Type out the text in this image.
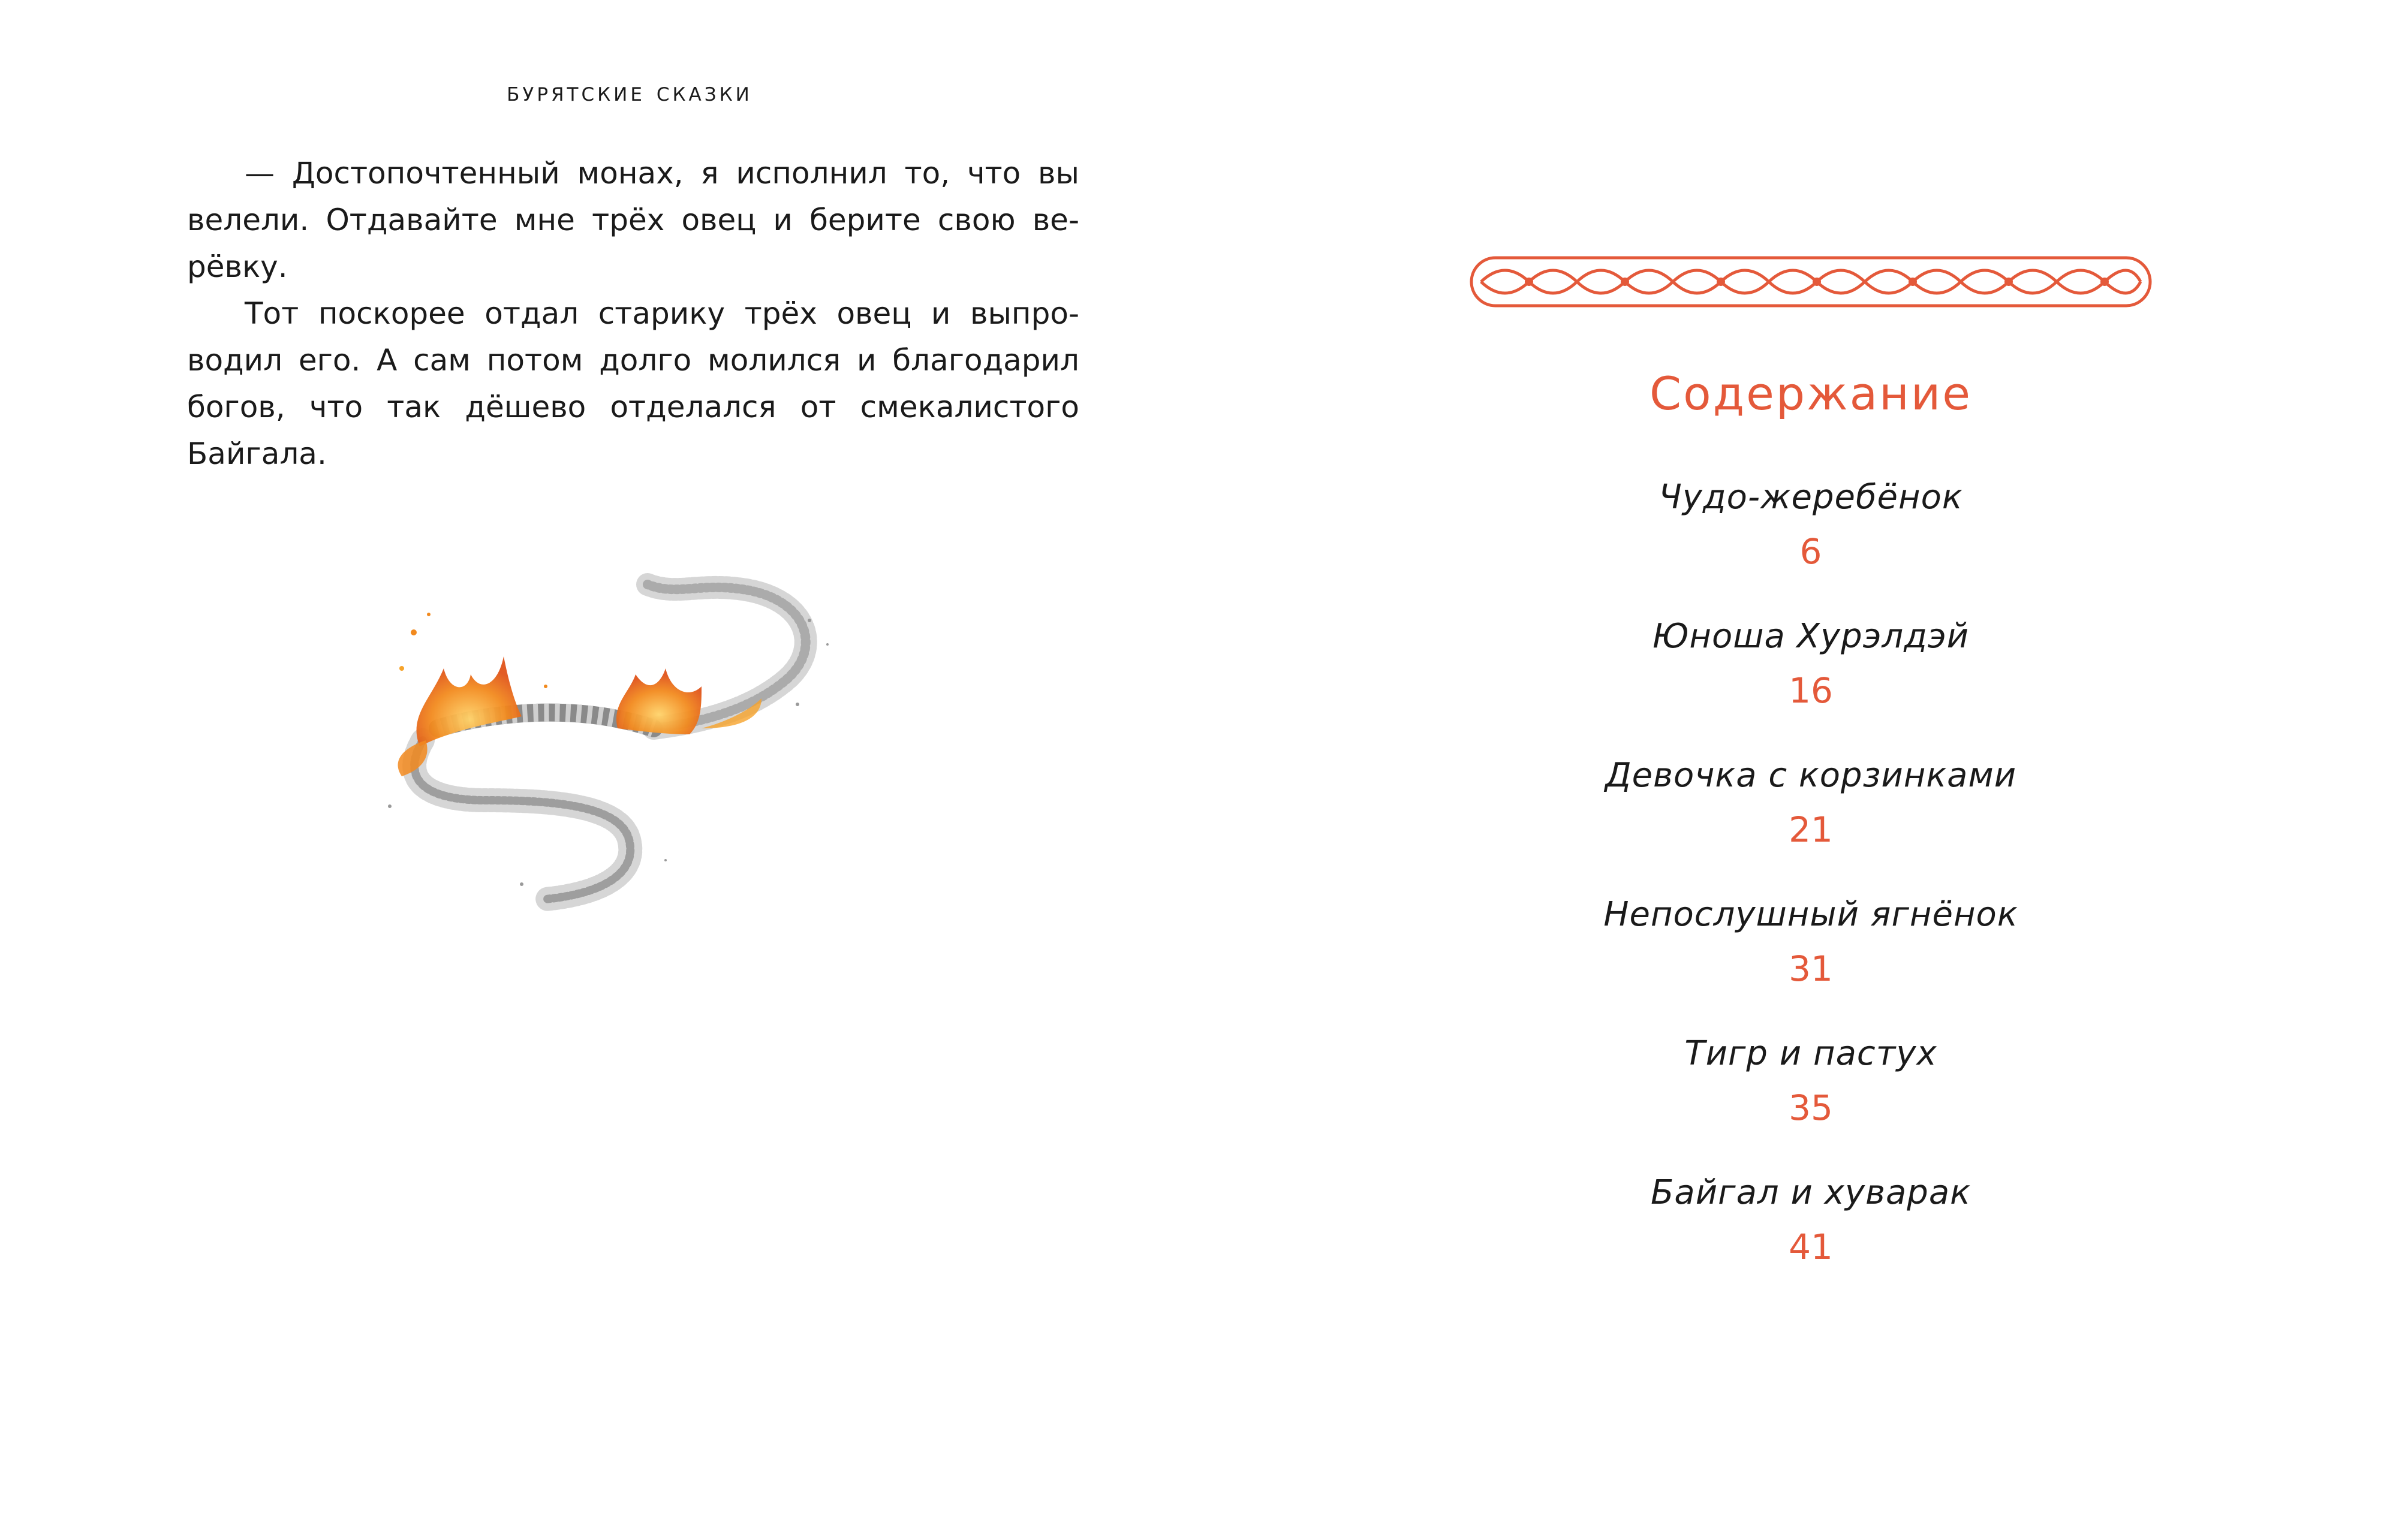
бурятские сказки

— Достопочтенный монах, я исполнил то, что вы велели. Отдавайте мне трёх овец и берите свою верёвку.

Тот поскорее отдал старику трёх овец и выпроводил его. А сам потом долго молился и благодарил богов, что так дёшево отделался от смекалистого Байгала.

Содержание
Чудо-жеребёнок
6
Юноша Хурэлдэй
16
Девочка с корзинками
21
Непослушный ягнёнок
31
Тигр и пастух
35
Байгал и хуварак
41
